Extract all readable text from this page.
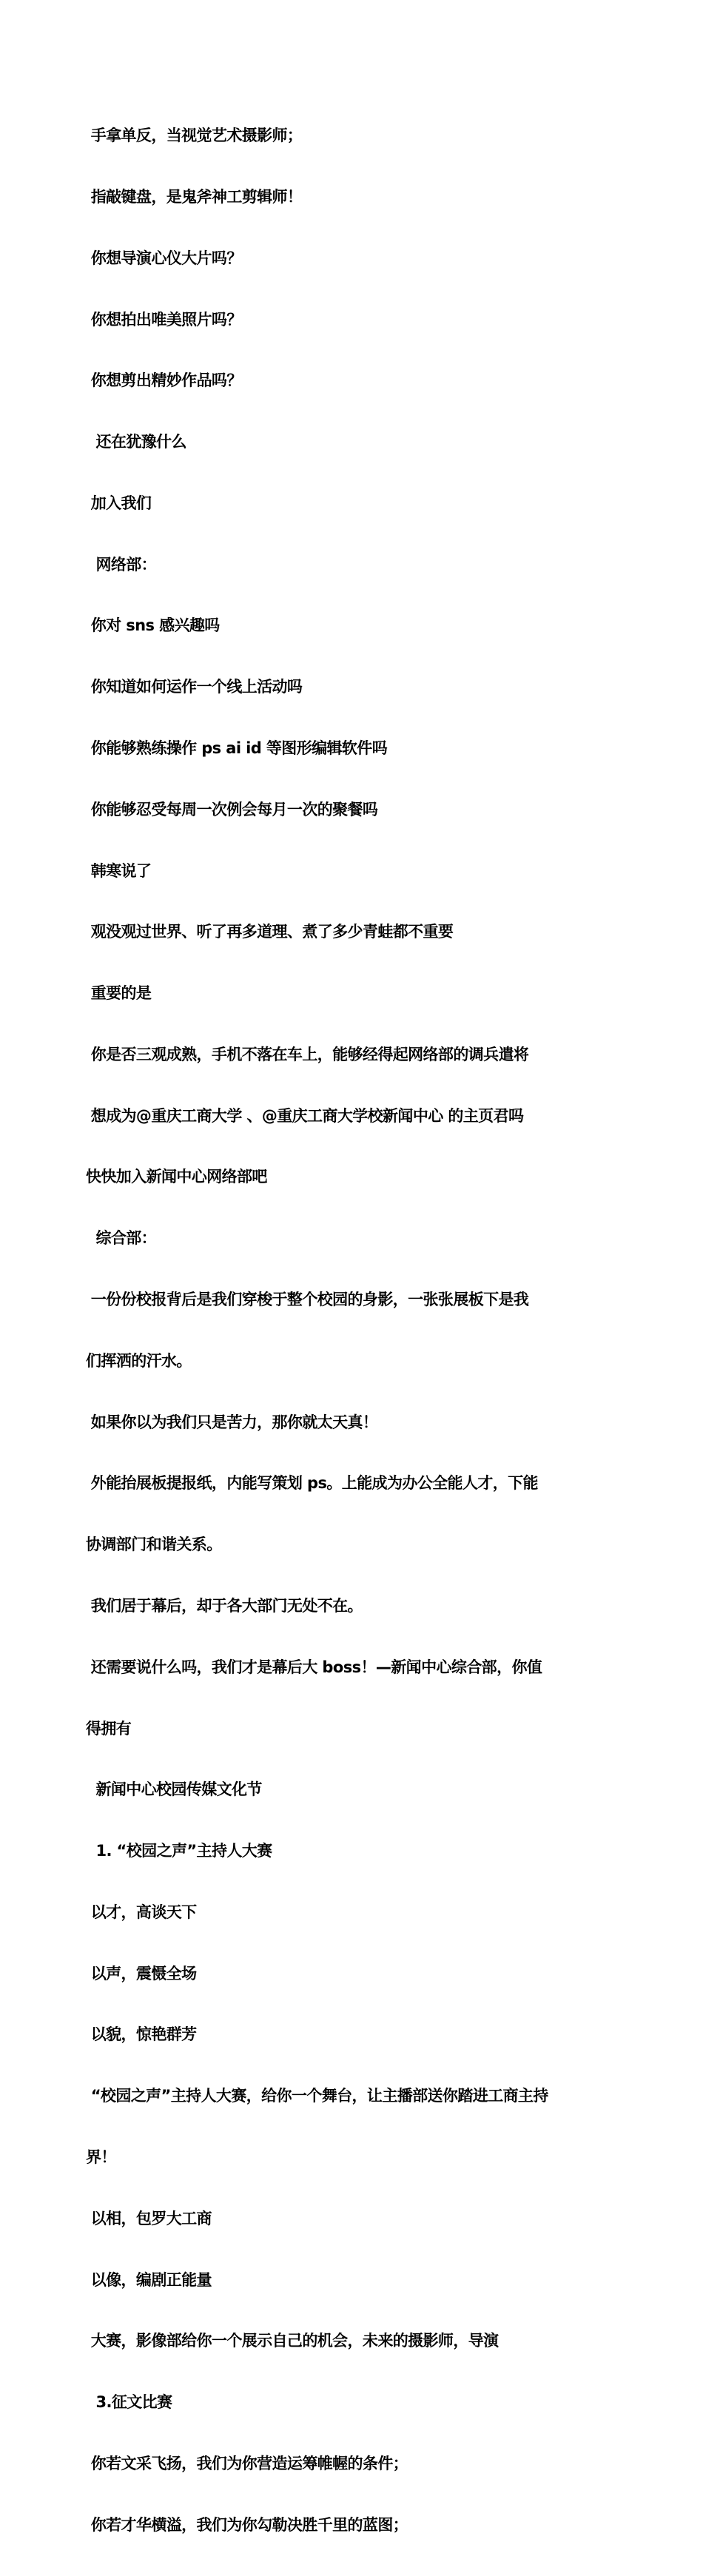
手拿单反，当视觉艺术摄影师；

指敲键盘，是鬼斧神工剪辑师！

你想导演心仪大片吗？

你想拍出唯美照片吗？

你想剪出精妙作品吗？

还在犹豫什么

加入我们

网络部：

你对 sns 感兴趣吗

你知道如何运作一个线上活动吗

你能够熟练操作 ps ai id 等图形编辑软件吗

你能够忍受每周一次例会每月一次的聚餐吗

韩寒说了

观没观过世界、听了再多道理、煮了多少青蛙都不重要

重要的是

你是否三观成熟，手机不落在车上，能够经得起网络部的调兵遣将

想成为@重庆工商大学 、@重庆工商大学校新闻中心 的主页君吗

快快加入新闻中心网络部吧

综合部：

一份份校报背后是我们穿梭于整个校园的身影，一张张展板下是我

们挥洒的汗水。

如果你以为我们只是苦力，那你就太天真！

外能抬展板提报纸，内能写策划 ps。上能成为办公全能人才，下能

协调部门和谐关系。

我们居于幕后，却于各大部门无处不在。

还需要说什么吗，我们才是幕后大 boss！—新闻中心综合部，你值

得拥有

新闻中心校园传媒文化节

1. “校园之声”主持人大赛

以才，高谈天下

以声，震慑全场

以貌，惊艳群芳

“校园之声”主持人大赛，给你一个舞台，让主播部送你踏进工商主持

界！

以相，包罗大工商

以像，编剧正能量

大赛，影像部给你一个展示自己的机会，未来的摄影师，导演

3.征文比赛

你若文采飞扬，我们为你营造运筹帷幄的条件；

你若才华横溢，我们为你勾勒决胜千里的蓝图；
